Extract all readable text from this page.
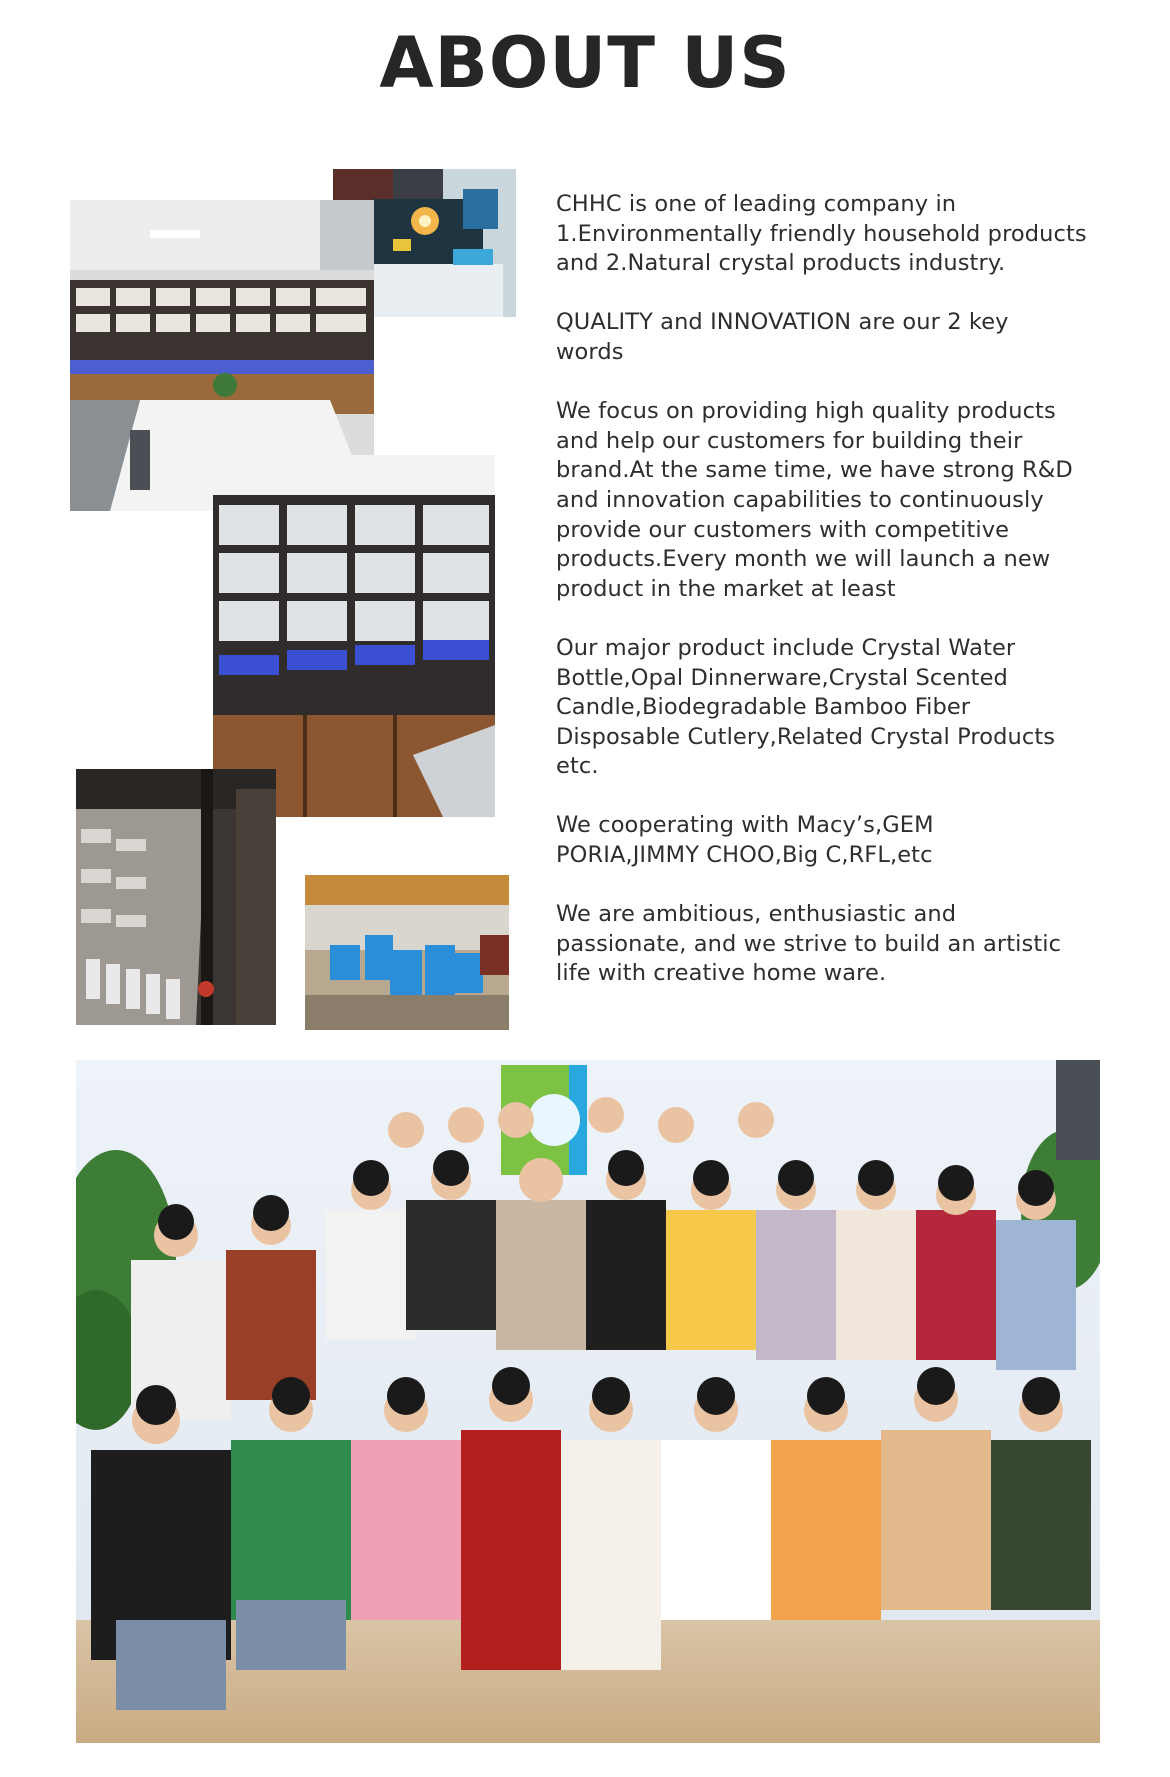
ABOUT US

CHHC is one of leading company in
1.Environmentally friendly household products
and 2.Natural crystal products industry.

QUALITY and INNOVATION are our 2 key
words

We focus on providing high quality products
and help our customers for building their
brand.At the same time, we have strong R&D
and innovation capabilities to continuously
provide our customers with competitive
products.Every month we will launch a new
product in the market at least

Our major product include Crystal Water
Bottle,Opal Dinnerware,Crystal Scented
Candle,Biodegradable Bamboo Fiber
Disposable Cutlery,Related Crystal Products
etc.

We cooperating with Macy’s,GEM
PORIA,JIMMY CHOO,Big C,RFL,etc

We are ambitious, enthusiastic and
passionate, and we strive to build an artistic
life with creative home ware.
